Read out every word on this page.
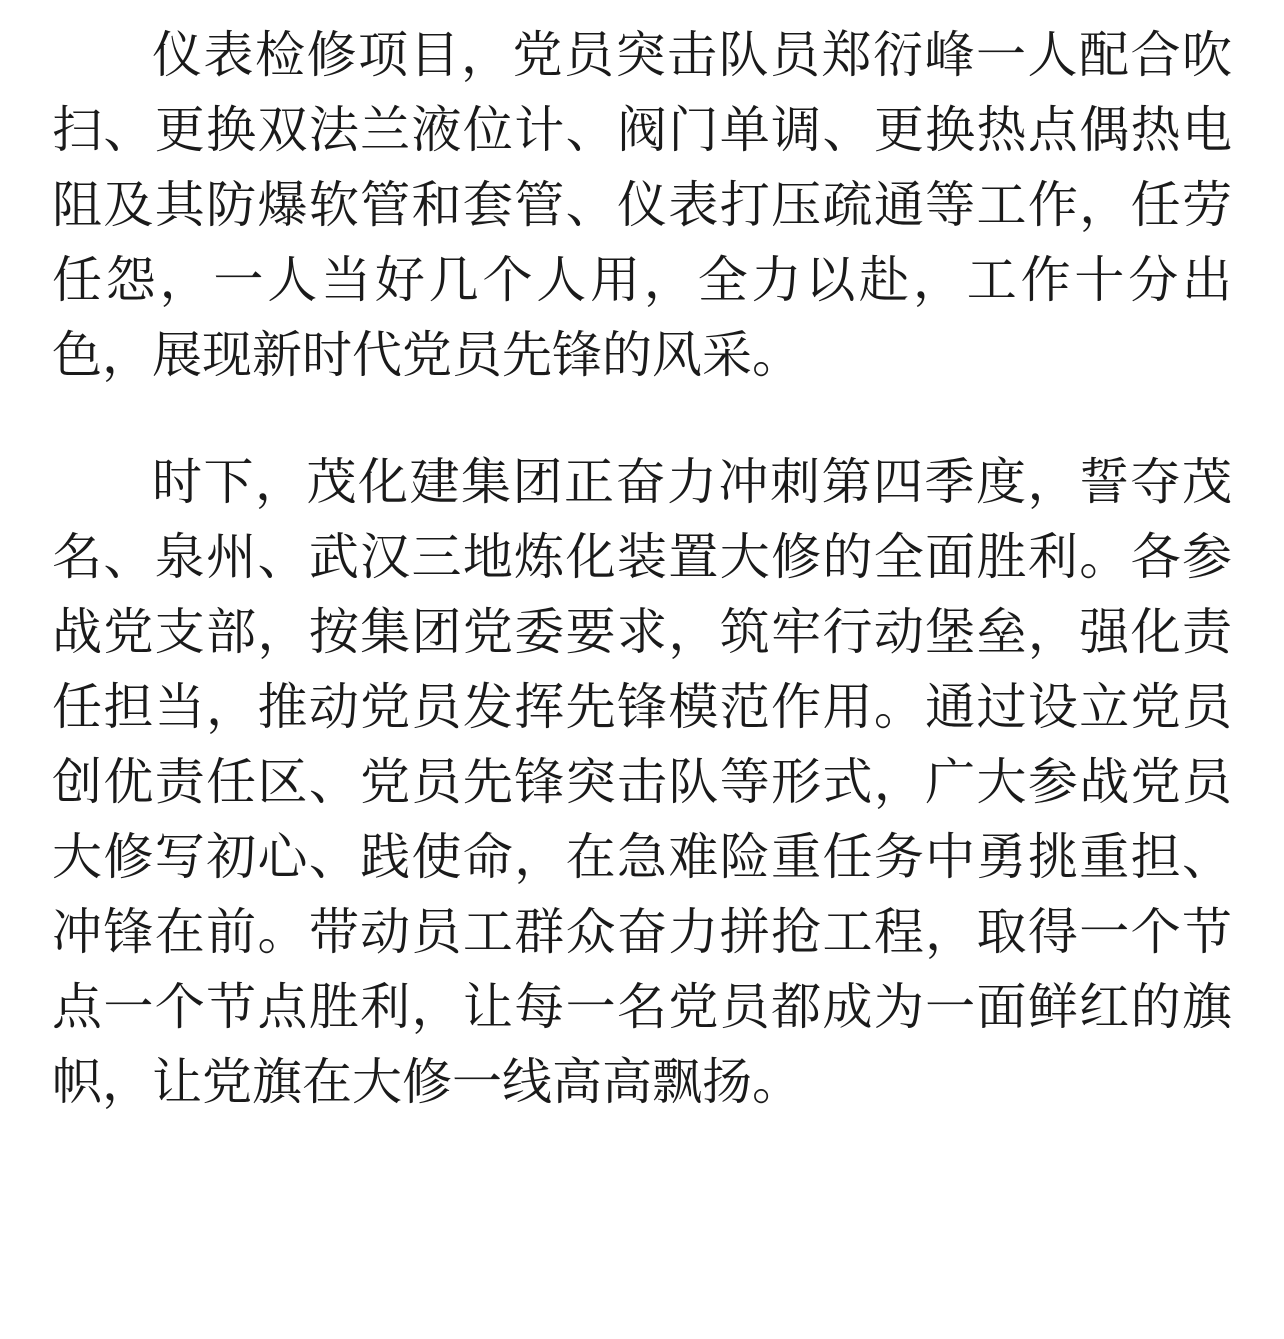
仪表检修项目，党员突击队员郑衍峰一人配合吹扫、更换双法兰液位计、阀门单调、更换热点偶热电阻及其防爆软管和套管、仪表打压疏通等工作，任劳任怨，一人当好几个人用，全力以赴，工作十分出色，展现新时代党员先锋的风采。

时下，茂化建集团正奋力冲刺第四季度，誓夺茂名、泉州、武汉三地炼化装置大修的全面胜利。各参战党支部，按集团党委要求，筑牢行动堡垒，强化责任担当，推动党员发挥先锋模范作用。通过设立党员创优责任区、党员先锋突击队等形式，广大参战党员大修写初心、践使命，在急难险重任务中勇挑重担、冲锋在前。带动员工群众奋力拼抢工程，取得一个节点一个节点胜利，让每一名党员都成为一面鲜红的旗帜，让党旗在大修一线高高飘扬。
